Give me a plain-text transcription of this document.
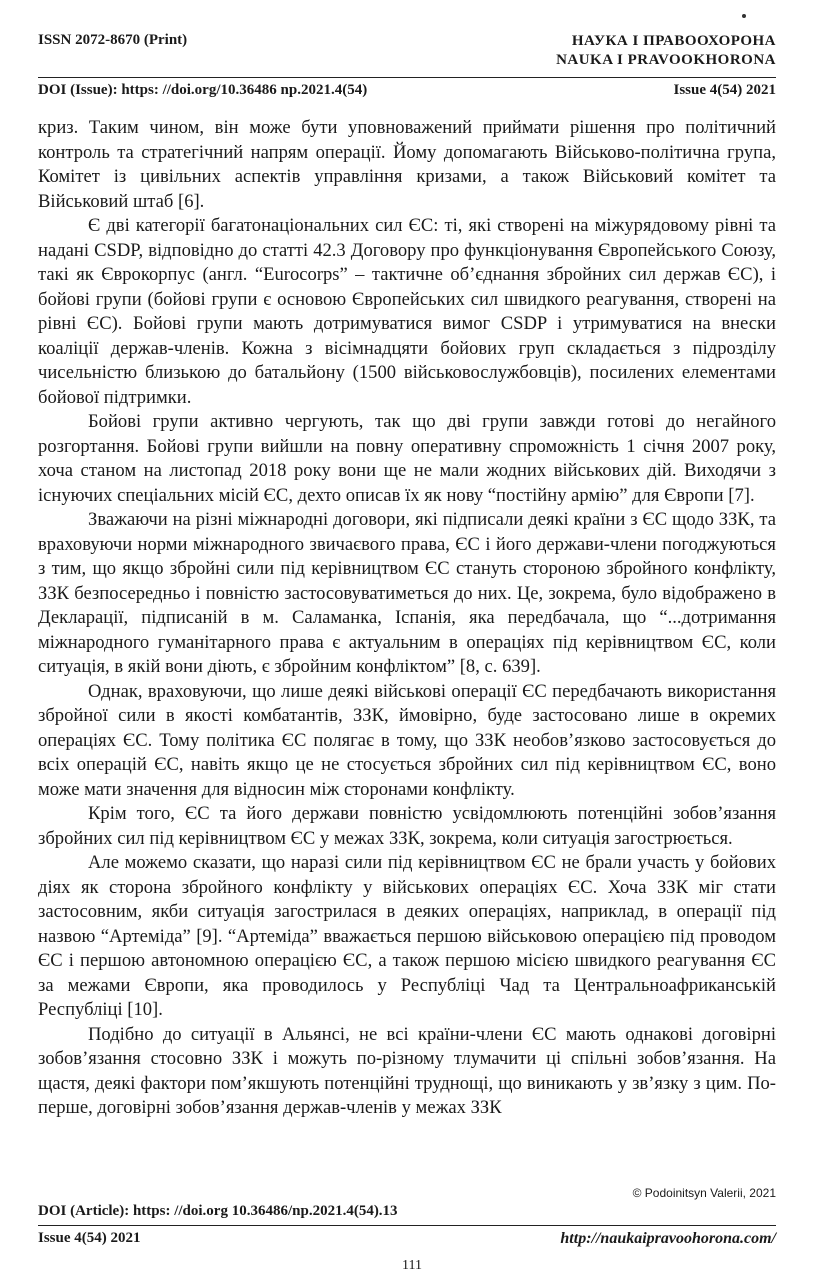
ISSN 2072-8670 (Print)	НАУКА І ПРАВООХОРОНА
NAUKA I PRAVOOKHORONA
DOI (Issue): https: //doi.org/10.36486 np.2021.4(54)	Issue 4(54) 2021

криз. Таким чином, він може бути уповноважений приймати рішення про політичний контроль та стратегічний напрям операції. Йому допомагають Військово-політична група, Комітет із цивільних аспектів управління кризами, а також Військовий комітет та Військовий штаб [6].

Є дві категорії багатонаціональних сил ЄС: ті, які створені на міжурядовому рівні та надані CSDP, відповідно до статті 42.3 Договору про функціонування Європейського Союзу, такі як Єврокорпус (англ. “Eurocorps” – тактичне об’єднання збройних сил держав ЄС), і бойові групи (бойові групи є основою Європейських сил швидкого реагування, створені на рівні ЄС). Бойові групи мають дотримуватися вимог CSDP і утримуватися на внески коаліції держав-членів. Кожна з вісімнадцяти бойових груп складається з підрозділу чисельністю близькою до батальйону (1500 військовослужбовців), посилених елементами бойової підтримки.

Бойові групи активно чергують, так що дві групи завжди готові до негайного розгортання. Бойові групи вийшли на повну оперативну спроможність 1 січня 2007 року, хоча станом на листопад 2018 року вони ще не мали жодних військових дій. Виходячи з існуючих спеціальних місій ЄС, дехто описав їх як нову “постійну армію” для Європи [7].

Зважаючи на різні міжнародні договори, які підписали деякі країни з ЄС щодо ЗЗК, та враховуючи норми міжнародного звичаєвого права, ЄС і його держави-члени погоджуються з тим, що якщо збройні сили під керівництвом ЄС стануть стороною збройного конфлікту, ЗЗК безпосередньо і повністю застосовуватиметься до них. Це, зокрема, було відображено в Декларації, підписаній в м. Саламанка, Іспанія, яка передбачала, що “...дотримання міжнародного гуманітарного права є актуальним в операціях під керівництвом ЄС, коли ситуація, в якій вони діють, є збройним конфліктом” [8, с. 639].

Однак, враховуючи, що лише деякі військові операції ЄС передбачають використання збройної сили в якості комбатантів, ЗЗК, ймовірно, буде застосовано лише в окремих операціях ЄС. Тому політика ЄС полягає в тому, що ЗЗК необов’язково застосовується до всіх операцій ЄС, навіть якщо це не стосується збройних сил під керівництвом ЄС, воно може мати значення для відносин між сторонами конфлікту.

Крім того, ЄС та його держави повністю усвідомлюють потенційні зобов’язання збройних сил під керівництвом ЄС у межах ЗЗК, зокрема, коли ситуація загострюється.

Але можемо сказати, що наразі сили під керівництвом ЄС не брали участь у бойових діях як сторона збройного конфлікту у військових операціях ЄС. Хоча ЗЗК міг стати застосовним, якби ситуація загострилася в деяких операціях, наприклад, в операції під назвою “Артеміда” [9]. “Артеміда” вважається першою військовою операцією під проводом ЄС і першою автономною операцією ЄС, а також першою місією швидкого реагування ЄС за межами Європи, яка проводилось у Республіці Чад та Центральноафриканській Республіці [10].

Подібно до ситуації в Альянсі, не всі країни-члени ЄС мають однакові договірні зобов’язання стосовно ЗЗК і можуть по-різному тлумачити ці спільні зобов’язання. На щастя, деякі фактори пом’якшують потенційні труднощі, що виникають у зв’язку з цим. По-перше, договірні зобов’язання держав-членів у межах ЗЗК

© Podoinitsyn Valerii, 2021
DOI (Article): https: //doi.org 10.36486/np.2021.4(54).13
Issue 4(54) 2021	http://naukaipravoohorona.com/
111
